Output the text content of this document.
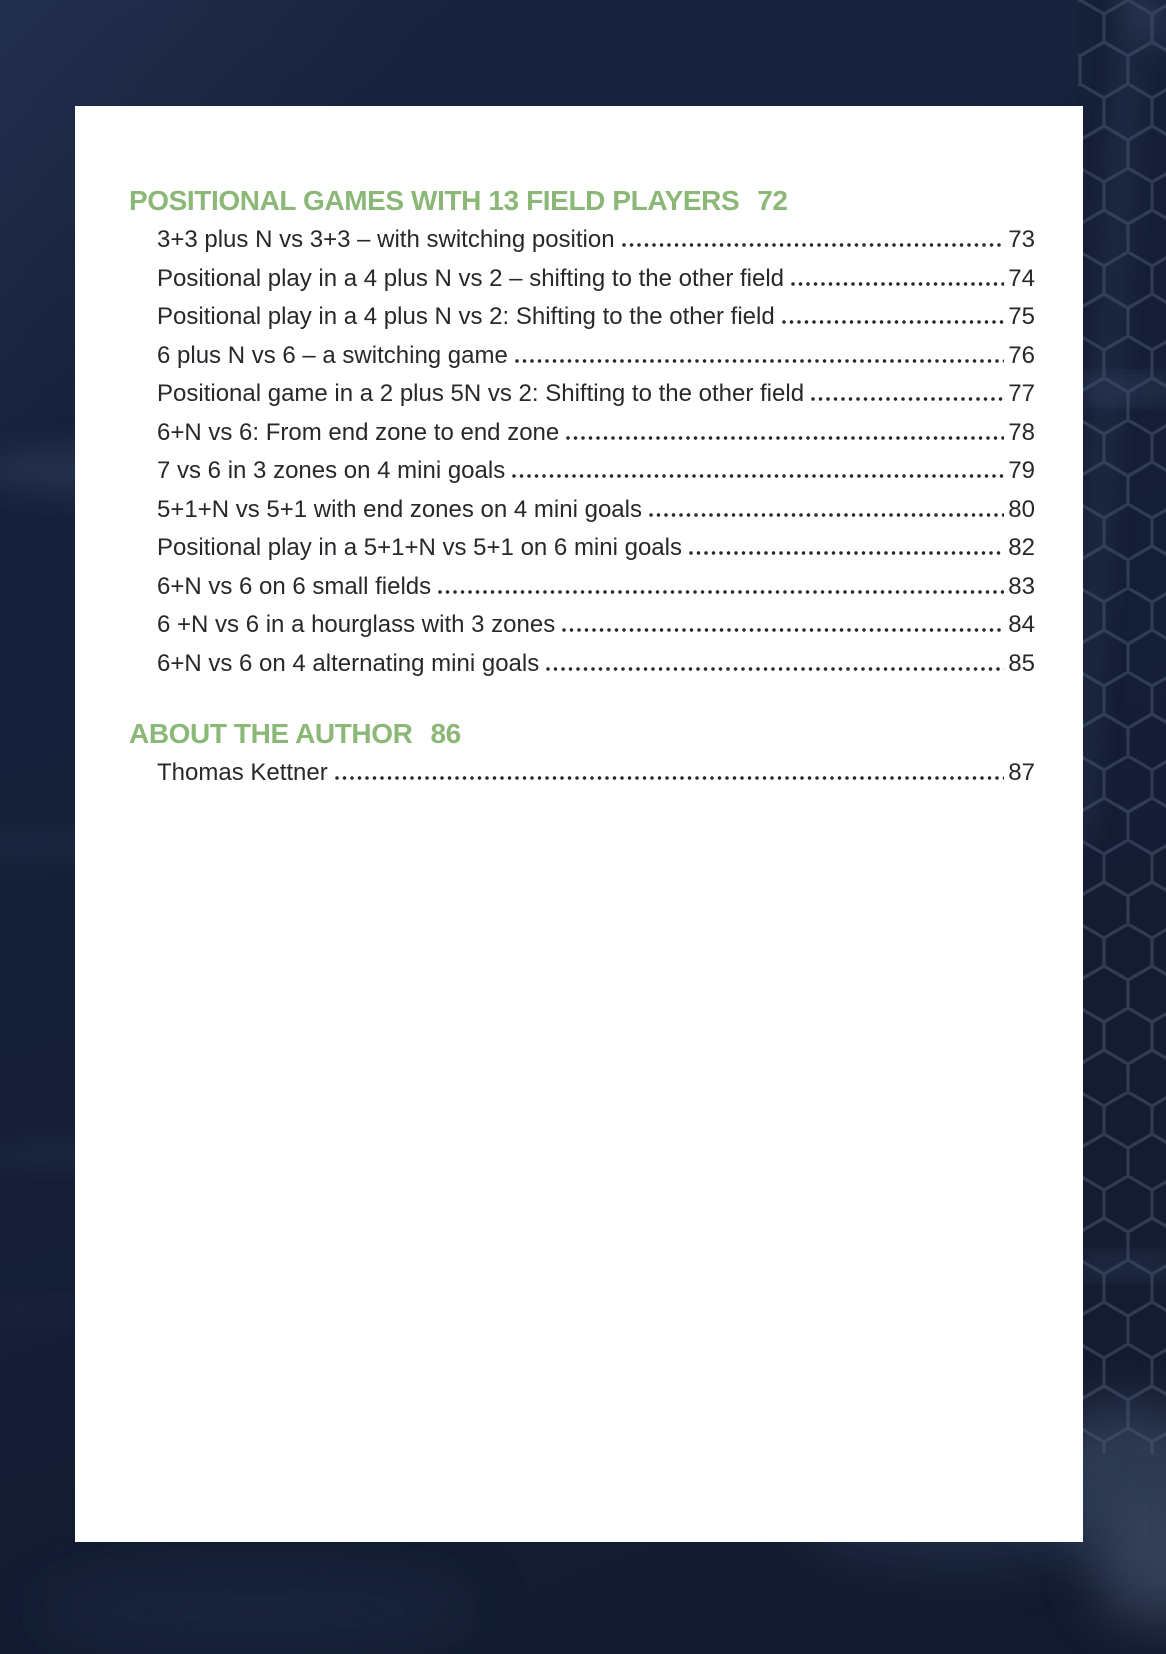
POSITIONAL GAMES WITH 13 FIELD PLAYERS 72
3+3 plus N vs 3+3 – with switching position	73
Positional play in a 4 plus N vs 2 – shifting to the other field	74
Positional play in a 4 plus N vs 2: Shifting to the other field	75
6 plus N vs 6 – a switching game	76
Positional game in a 2 plus 5N vs 2: Shifting to the other field	77
6+N vs 6: From end zone to end zone	78
7 vs 6 in 3 zones on 4 mini goals	79
5+1+N vs 5+1 with end zones on 4 mini goals	80
Positional play in a 5+1+N vs 5+1 on 6 mini goals	82
6+N vs 6 on 6 small fields	83
6 +N vs 6 in a hourglass with 3 zones	84
6+N vs 6 on 4 alternating mini goals	85
ABOUT THE AUTHOR 86
Thomas Kettner	87
